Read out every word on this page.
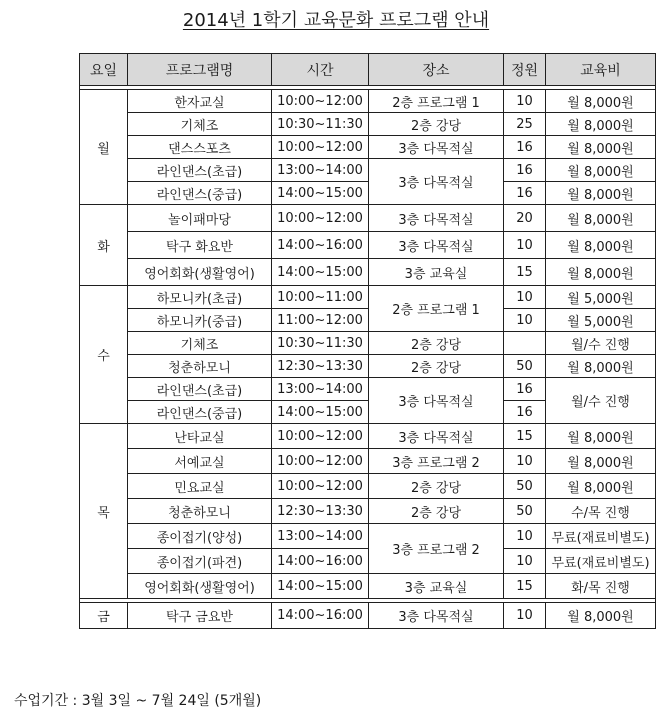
2014년 1학기 교육문화 프로그램 안내
요일	프로그램명	시간	장소	정원	교육비

월	한자교실	10:00~12:00	2층 프로그램 1	10	월 8,000원
	기체조	10:30~11:30	2층 강당	25	월 8,000원
	댄스스포츠	10:00~12:00	3층 다목적실	16	월 8,000원
	라인댄스(초급)	13:00~14:00	3층 다목적실	16	월 8,000원
	라인댄스(중급)	14:00~15:00		16	월 8,000원
화	놀이패마당	10:00~12:00	3층 다목적실	20	월 8,000원
	탁구 화요반	14:00~16:00	3층 다목적실	10	월 8,000원
	영어회화(생활영어)	14:00~15:00	3층 교육실	15	월 8,000원
수	하모니카(초급)	10:00~11:00	2층 프로그램 1	10	월 5,000원
	하모니카(중급)	11:00~12:00		10	월 5,000원
	기체조	10:30~11:30	2층 강당		월/수 진행
	청춘하모니	12:30~13:30	2층 강당	50	월 8,000원
	라인댄스(초급)	13:00~14:00	3층 다목적실	16	월/수 진행
	라인댄스(중급)	14:00~15:00		16	
목	난타교실	10:00~12:00	3층 다목적실	15	월 8,000원
	서예교실	10:00~12:00	3층 프로그램 2	10	월 8,000원
	민요교실	10:00~12:00	2층 강당	50	월 8,000원
	청춘하모니	12:30~13:30	2층 강당	50	수/목 진행
	종이접기(양성)	13:00~14:00	3층 프로그램 2	10	무료(재료비별도)
	종이접기(파견)	14:00~16:00		10	무료(재료비별도)
	영어회화(생활영어)	14:00~15:00	3층 교육실	15	화/목 진행

금	탁구 금요반	14:00~16:00	3층 다목적실	10	월 8,000원
수업기간 : 3월 3일 ~ 7월 24일 (5개월)
